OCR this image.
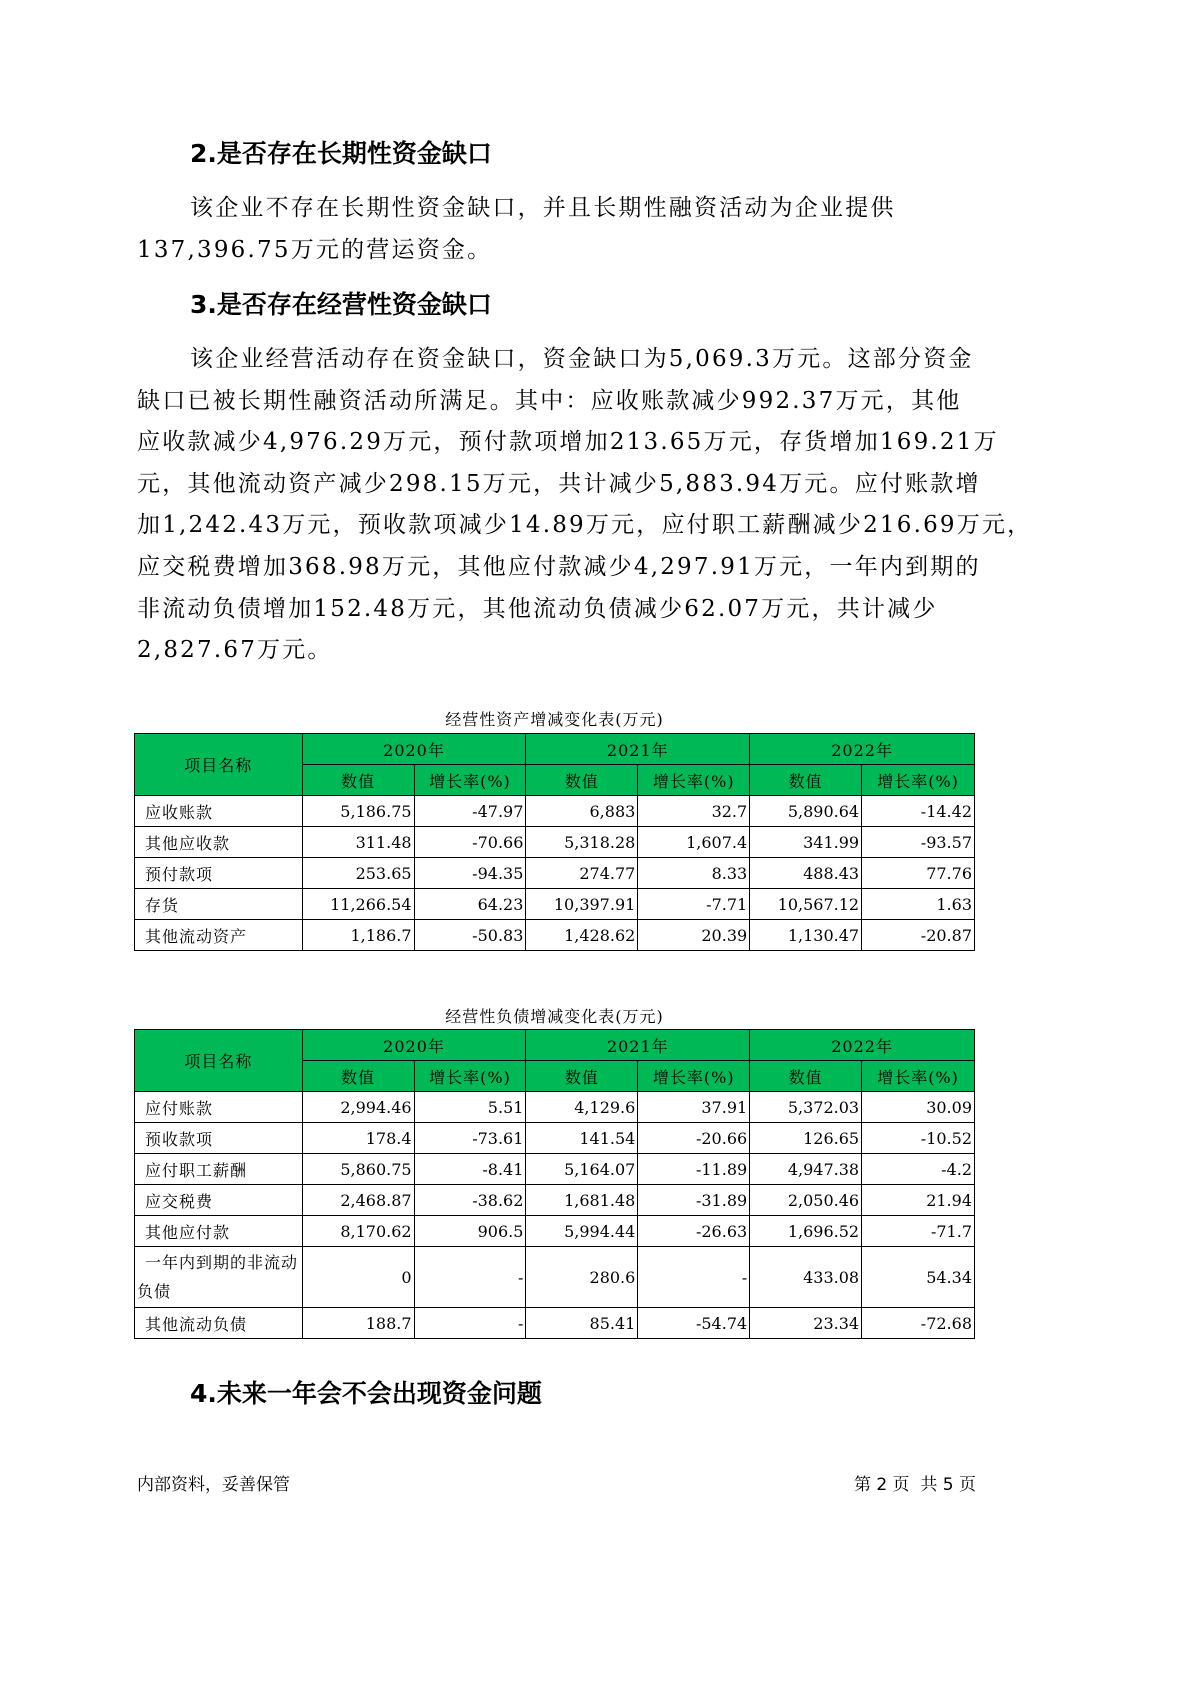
2.是否存在长期性资金缺口
该企业不存在长期性资金缺口，并且长期性融资活动为企业提供
137,396.75万元的营运资金。
3.是否存在经营性资金缺口
该企业经营活动存在资金缺口，资金缺口为5,069.3万元。这部分资金
缺口已被长期性融资活动所满足。其中：应收账款减少992.37万元，其他
应收款减少4,976.29万元，预付款项增加213.65万元，存货增加169.21万
元，其他流动资产减少298.15万元，共计减少5,883.94万元。应付账款增
加1,242.43万元，预收款项减少14.89万元，应付职工薪酬减少216.69万元，
应交税费增加368.98万元，其他应付款减少4,297.91万元，一年内到期的
非流动负债增加152.48万元，其他流动负债减少62.07万元，共计减少
2,827.67万元。
经营性资产增减变化表(万元)
项目名称	2020年		2021年		2022年	
	数值	增长率(%)	数值	增长率(%)	数值	增长率(%)
应收账款	5,186.75	-47.97	6,883	32.7	5,890.64	-14.42
其他应收款	311.48	-70.66	5,318.28	1,607.4	341.99	-93.57
预付款项	253.65	-94.35	274.77	8.33	488.43	77.76
存货	11,266.54	64.23	10,397.91	-7.71	10,567.12	1.63
其他流动资产	1,186.7	-50.83	1,428.62	20.39	1,130.47	-20.87
经营性负债增减变化表(万元)
项目名称	2020年		2021年		2022年	
	数值	增长率(%)	数值	增长率(%)	数值	增长率(%)
应付账款	2,994.46	5.51	4,129.6	37.91	5,372.03	30.09
预收款项	178.4	-73.61	141.54	-20.66	126.65	-10.52
应付职工薪酬	5,860.75	-8.41	5,164.07	-11.89	4,947.38	-4.2
应交税费	2,468.87	-38.62	1,681.48	-31.89	2,050.46	21.94
其他应付款	8,170.62	906.5	5,994.44	-26.63	1,696.52	-71.7
一年内到期的非流动负债	0	-	280.6	-	433.08	54.34
其他流动负债	188.7	-	85.41	-54.74	23.34	-72.68
4.未来一年会不会出现资金问题
内部资料，妥善保管	第 2 页  共 5 页
